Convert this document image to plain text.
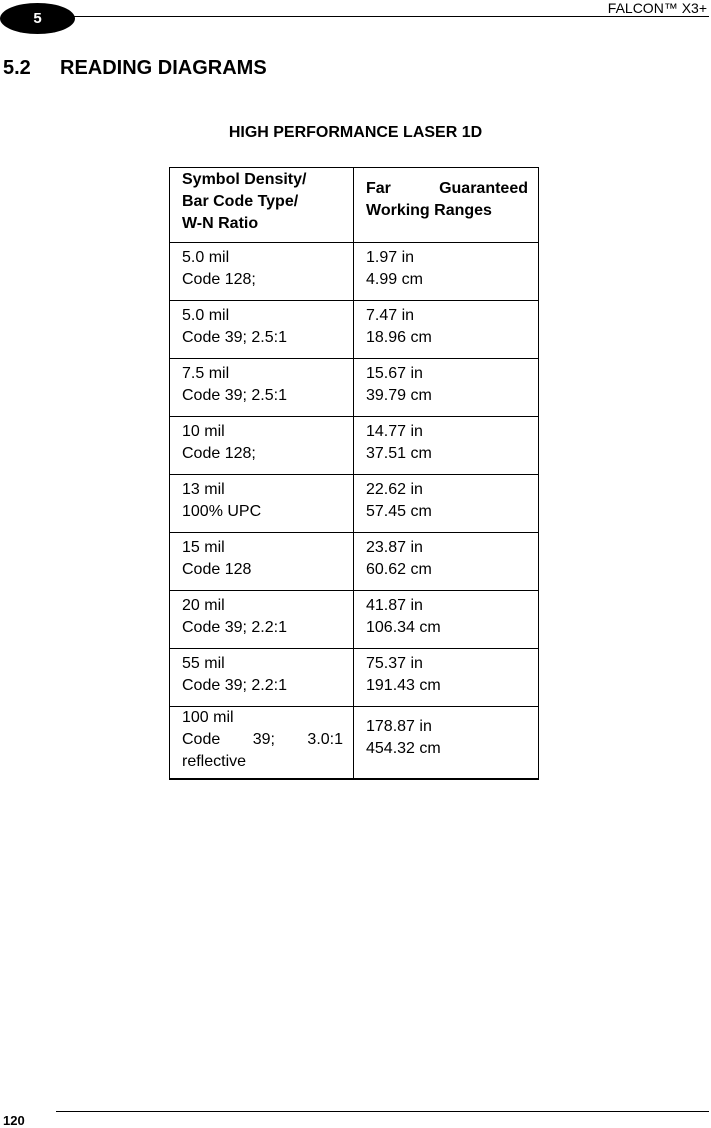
5
FALCON™ X3+
5.2 READING DIAGRAMS
HIGH PERFORMANCE LASER 1D
Symbol Density/
Bar Code Type/
W-N Ratio	Far Guaranteed
Working Ranges

5.0 mil
Code 128;	1.97 in
4.99 cm

5.0 mil
Code 39; 2.5:1	7.47 in
18.96 cm

7.5 mil
Code 39; 2.5:1	15.67 in
39.79 cm

10 mil
Code 128;	14.77 in
37.51 cm

13 mil
100% UPC	22.62 in
57.45 cm

15 mil
Code 128	23.87 in
60.62 cm

20 mil
Code 39; 2.2:1	41.87 in
106.34 cm

55 mil
Code 39; 2.2:1	75.37 in
191.43 cm

100 mil
Code 39; 3.0:1
reflective	178.87 in
454.32 cm
120
